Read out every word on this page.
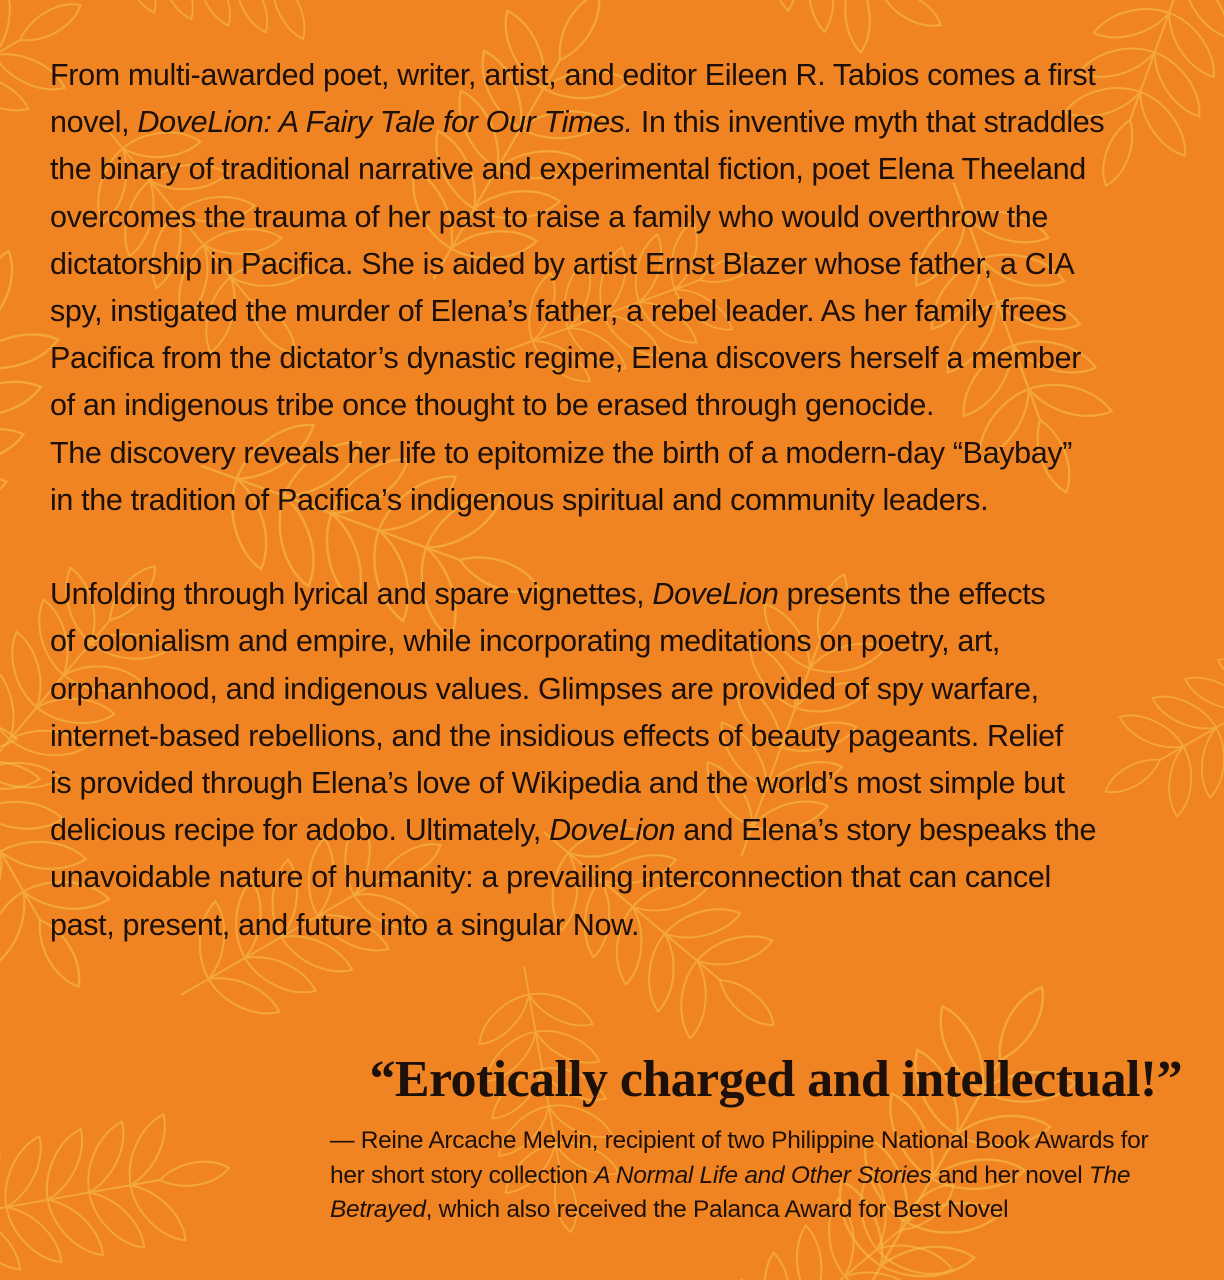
From multi-awarded poet, writer, artist, and editor Eileen R. Tabios comes a first

novel, DoveLion: A Fairy Tale for Our Times. In this inventive myth that straddles

the binary of traditional narrative and experimental fiction, poet Elena Theeland

overcomes the trauma of her past to raise a family who would overthrow the

dictatorship in Pacifica. She is aided by artist Ernst Blazer whose father, a CIA

spy, instigated the murder of Elena’s father, a rebel leader. As her family frees

Pacifica from the dictator’s dynastic regime, Elena discovers herself a member

of an indigenous tribe once thought to be erased through genocide.

The discovery reveals her life to epitomize the birth of a modern-day “Baybay”

in the tradition of Pacifica’s indigenous spiritual and community leaders.

Unfolding through lyrical and spare vignettes, DoveLion presents the effects

of colonialism and empire, while incorporating meditations on poetry, art,

orphanhood, and indigenous values. Glimpses are provided of spy warfare,

internet-based rebellions, and the insidious effects of beauty pageants. Relief

is provided through Elena’s love of Wikipedia and the world’s most simple but

delicious recipe for adobo. Ultimately, DoveLion and Elena’s story bespeaks the

unavoidable nature of humanity: a prevailing interconnection that can cancel

past, present, and future into a singular Now.

“Erotically charged and intellectual!”

— Reine Arcache Melvin, recipient of two Philippine National Book Awards for

her short story collection A Normal Life and Other Stories and her novel The

Betrayed, which also received the Palanca Award for Best Novel
